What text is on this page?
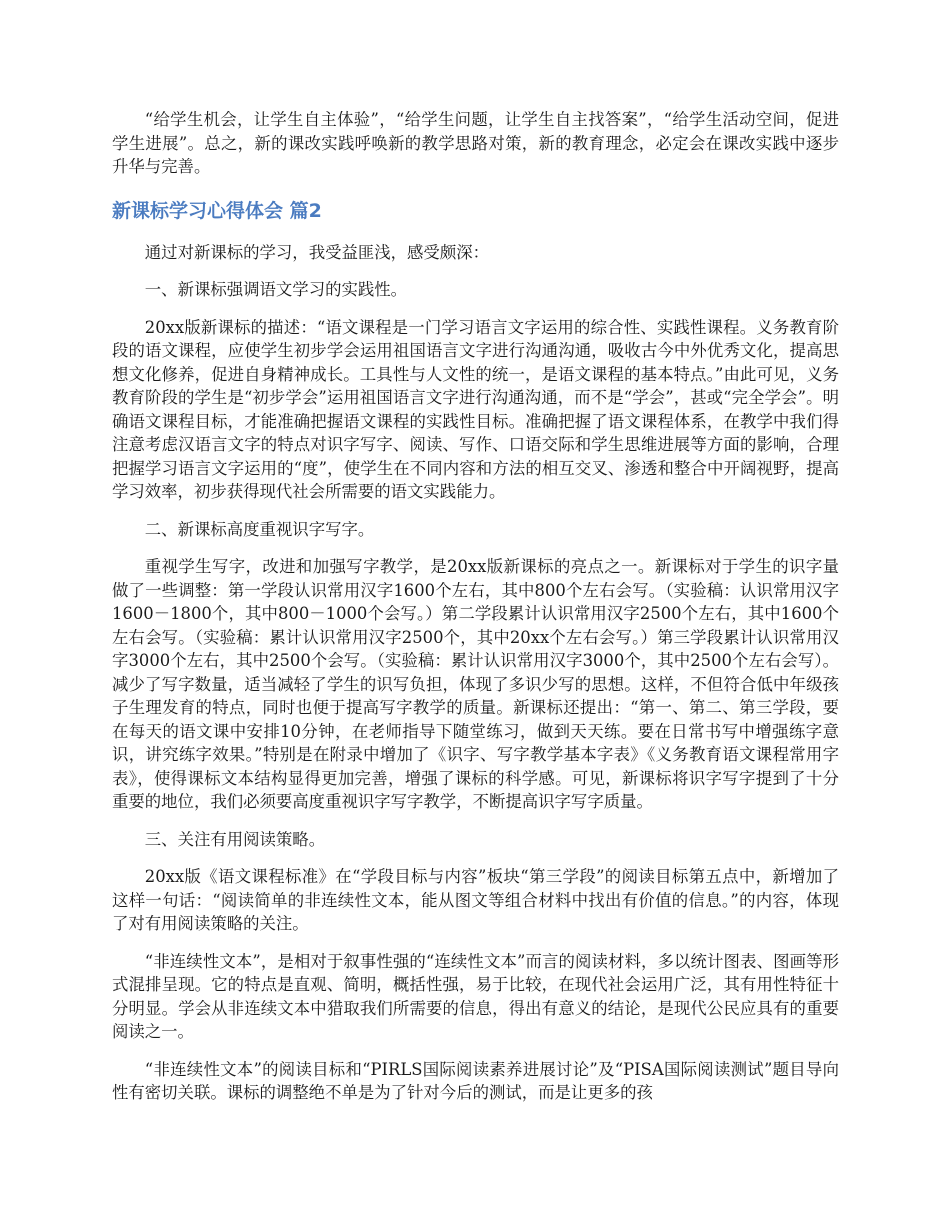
“给学生机会，让学生自主体验”，“给学生问题，让学生自主找答案”，“给学生活动空间，促进学生进展”。总之，新的课改实践呼唤新的教学思路对策，新的教育理念，必定会在课改实践中逐步升华与完善。

新课标学习心得体会 篇2

通过对新课标的学习，我受益匪浅，感受颇深：

一、新课标强调语文学习的实践性。

20xx版新课标的描述：“语文课程是一门学习语言文字运用的综合性、实践性课程。义务教育阶段的语文课程，应使学生初步学会运用祖国语言文字进行沟通沟通，吸收古今中外优秀文化，提高思想文化修养，促进自身精神成长。工具性与人文性的统一，是语文课程的基本特点。”由此可见，义务教育阶段的学生是“初步学会”运用祖国语言文字进行沟通沟通，而不是“学会”，甚或“完全学会”。明确语文课程目标，才能准确把握语文课程的实践性目标。准确把握了语文课程体系，在教学中我们得注意考虑汉语言文字的特点对识字写字、阅读、写作、口语交际和学生思维进展等方面的影响，合理把握学习语言文字运用的“度”，使学生在不同内容和方法的相互交叉、渗透和整合中开阔视野，提高学习效率，初步获得现代社会所需要的语文实践能力。

二、新课标高度重视识字写字。

重视学生写字，改进和加强写字教学，是20xx版新课标的亮点之一。新课标对于学生的识字量做了一些调整：第一学段认识常用汉字1600个左右，其中800个左右会写。（实验稿：认识常用汉字1600－1800个，其中800－1000个会写。）第二学段累计认识常用汉字2500个左右，其中1600个左右会写。（实验稿：累计认识常用汉字2500个，其中20xx个左右会写。）第三学段累计认识常用汉字3000个左右，其中2500个会写。（实验稿：累计认识常用汉字3000个，其中2500个左右会写）。减少了写字数量，适当减轻了学生的识写负担，体现了多识少写的思想。这样，不但符合低中年级孩子生理发育的特点，同时也便于提高写字教学的质量。新课标还提出：“第一、第二、第三学段，要在每天的语文课中安排10分钟，在老师指导下随堂练习，做到天天练。要在日常书写中增强练字意识，讲究练字效果。”特别是在附录中增加了《识字、写字教学基本字表》《义务教育语文课程常用字表》，使得课标文本结构显得更加完善，增强了课标的科学感。可见，新课标将识字写字提到了十分重要的地位，我们必须要高度重视识字写字教学，不断提高识字写字质量。

三、关注有用阅读策略。

20xx版《语文课程标准》在“学段目标与内容”板块“第三学段”的阅读目标第五点中，新增加了这样一句话：“阅读简单的非连续性文本，能从图文等组合材料中找出有价值的信息。”的内容，体现了对有用阅读策略的关注。

“非连续性文本”，是相对于叙事性强的“连续性文本”而言的阅读材料，多以统计图表、图画等形式混排呈现。它的特点是直观、简明，概括性强，易于比较，在现代社会运用广泛，其有用性特征十分明显。学会从非连续文本中猎取我们所需要的信息，得出有意义的结论，是现代公民应具有的重要阅读之一。

“非连续性文本”的阅读目标和“PIRLS国际阅读素养进展讨论”及“PISA国际阅读测试”题目导向性有密切关联。课标的调整绝不单是为了针对今后的测试，而是让更多的孩
